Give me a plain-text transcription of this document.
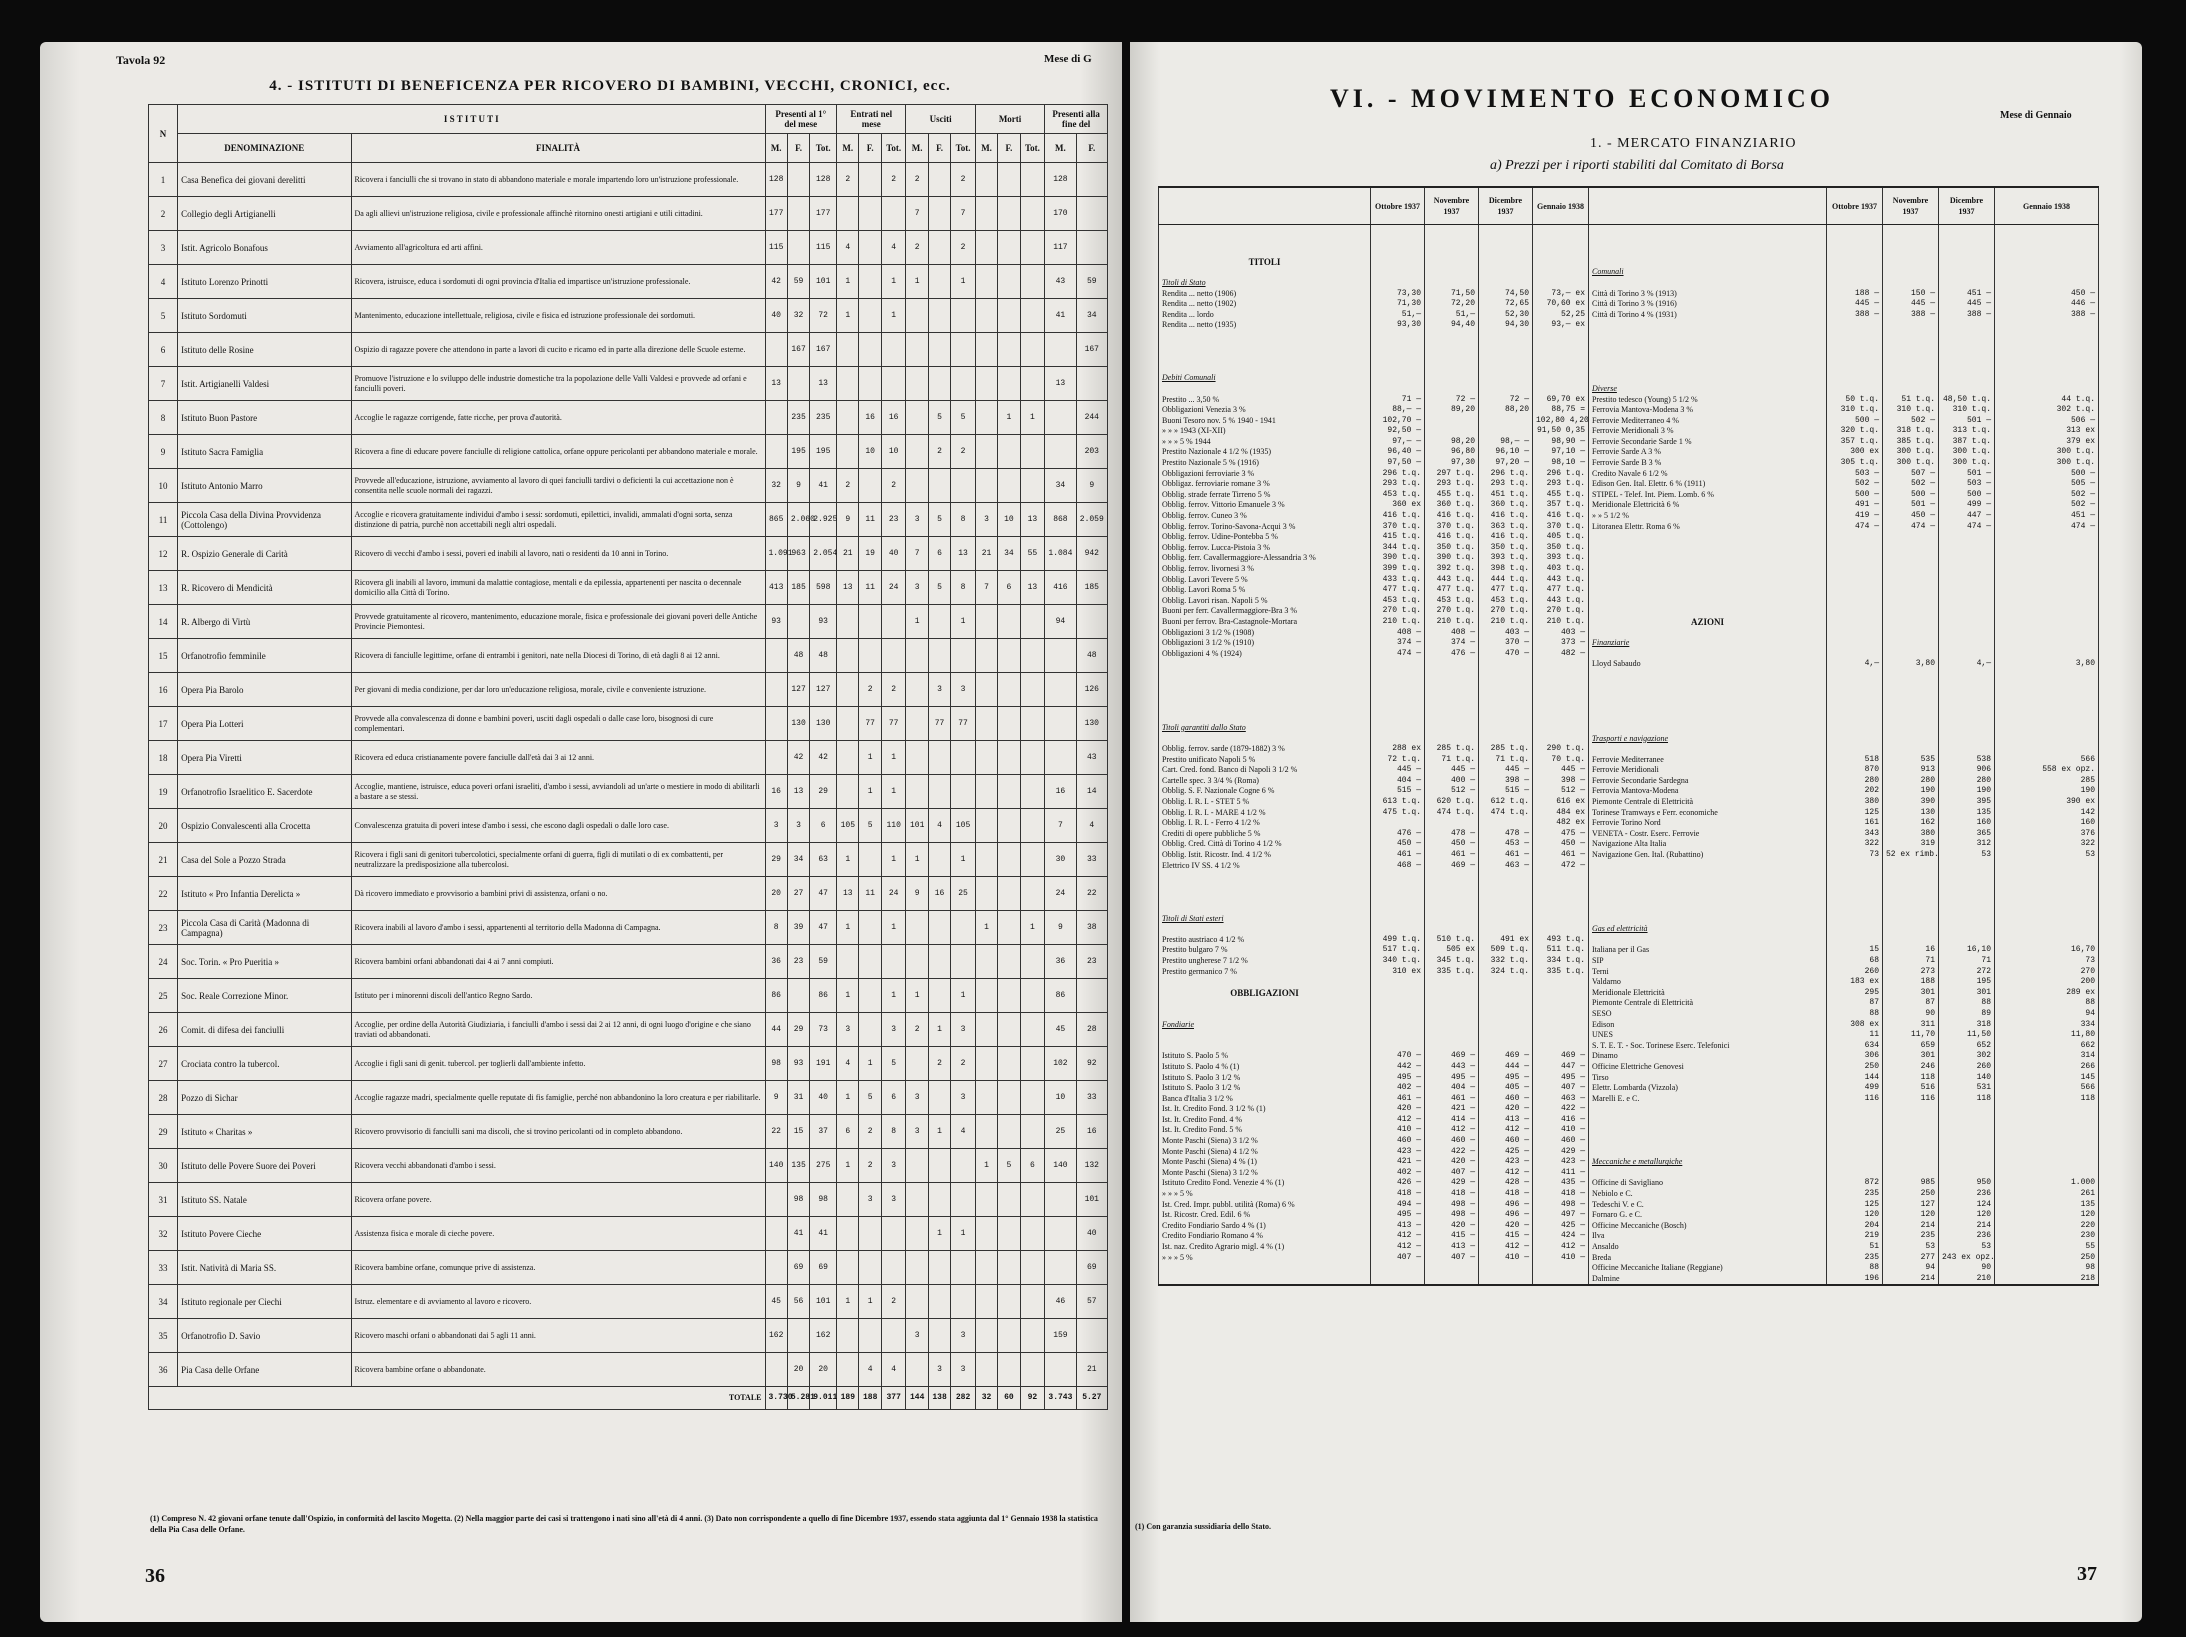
Tavola 92	Mese di G
4. - ISTITUTI DI BENEFICENZA PER RICOVERO DI BAMBINI, VECCHI, CRONICI, ecc.
N	I S T I T U T I		Presenti al 1° del mese			Entrati nel mese			Usciti			Morti			Presenti alla fine del	
	DENOMINAZIONE	FINALITÀ	M.	F.	Tot.	M.	F.	Tot.	M.	F.	Tot.	M.	F.	Tot.	M.	F.
1	Casa Benefica dei giovani derelitti	Ricovera i fanciulli che si trovano in stato di abbandono materiale e morale impartendo loro un'istruzione professionale.	128		128	2		2	2		2				128	
2	Collegio degli Artigianelli	Da agli allievi un'istruzione religiosa, civile e professionale affinchè ritornino onesti artigiani e utili cittadini.	177		177				7		7				170	
3	Istit. Agricolo Bonafous	Avviamento all'agricoltura ed arti affini.	115		115	4		4	2		2				117	
4	Istituto Lorenzo Prinotti	Ricovera, istruisce, educa i sordomuti di ogni provincia d'Italia ed impartisce un'istruzione professionale.	42	59	101	1		1	1		1				43	59
5	Istituto Sordomuti	Mantenimento, educazione intellettuale, religiosa, civile e fisica ed istruzione professionale dei sordomuti.	40	32	72	1		1							41	34
6	Istituto delle Rosine	Ospizio di ragazze povere che attendono in parte a lavori di cucito e ricamo ed in parte alla direzione delle Scuole esterne.		167	167											167
7	Istit. Artigianelli Valdesi	Promuove l'istruzione e lo sviluppo delle industrie domestiche tra la popolazione delle Valli Valdesi e provvede ad orfani e fanciulli poveri.	13		13										13	
8	Istituto Buon Pastore	Accoglie le ragazze corrigende, fatte ricche, per prova d'autorità.		235	235		16	16		5	5		1	1		244
9	Istituto Sacra Famiglia	Ricovera a fine di educare povere fanciulle di religione cattolica, orfane oppure pericolanti per abbandono materiale e morale.		195	195		10	10		2	2					203
10	Istituto Antonio Marro	Provvede all'educazione, istruzione, avviamento al lavoro di quei fanciulli tardivi o deficienti la cui accettazione non è consentita nelle scuole normali dei ragazzi.	32	9	41	2		2							34	9
11	Piccola Casa della Divina Provvidenza (Cottolengo)	Accoglie e ricovera gratuitamente individui d'ambo i sessi: sordomuti, epilettici, invalidi, ammalati d'ogni sorta, senza distinzione di patria, purchè non accettabili negli altri ospedali.	865	2.060	2.925	9	11	23	3	5	8	3	10	13	868	2.059
12	R. Ospizio Generale di Carità	Ricovero di vecchi d'ambo i sessi, poveri ed inabili al lavoro, nati o residenti da 10 anni in Torino.	1.091	963	2.054	21	19	40	7	6	13	21	34	55	1.084	942
13	R. Ricovero di Mendicità	Ricovera gli inabili al lavoro, immuni da malattie contagiose, mentali e da epilessia, appartenenti per nascita o decennale domicilio alla Città di Torino.	413	185	598	13	11	24	3	5	8	7	6	13	416	185
14	R. Albergo di Virtù	Provvede gratuitamente al ricovero, mantenimento, educazione morale, fisica e professionale dei giovani poveri delle Antiche Provincie Piemontesi.	93		93				1		1				94	
15	Orfanotrofio femminile	Ricovera di fanciulle legittime, orfane di entrambi i genitori, nate nella Diocesi di Torino, di età dagli 8 ai 12 anni.		48	48											48
16	Opera Pia Barolo	Per giovani di media condizione, per dar loro un'educazione religiosa, morale, civile e conveniente istruzione.		127	127		2	2		3	3					126
17	Opera Pia Lotteri	Provvede alla convalescenza di donne e bambini poveri, usciti dagli ospedali o dalle case loro, bisognosi di cure complementari.		130	130		77	77		77	77					130
18	Opera Pia Viretti	Ricovera ed educa cristianamente povere fanciulle dall'età dai 3 ai 12 anni.		42	42		1	1								43
19	Orfanotrofio Israelitico E. Sacerdote	Accoglie, mantiene, istruisce, educa poveri orfani israeliti, d'ambo i sessi, avviandoli ad un'arte o mestiere in modo di abilitarli a bastare a se stessi.	16	13	29		1	1							16	14
20	Ospizio Convalescenti alla Crocetta	Convalescenza gratuita di poveri intese d'ambo i sessi, che escono dagli ospedali o dalle loro case.	3	3	6	105	5	110	101	4	105				7	4
21	Casa del Sole a Pozzo Strada	Ricovera i figli sani di genitori tubercolotici, specialmente orfani di guerra, figli di mutilati o di ex combattenti, per neutralizzare la predisposizione alla tubercolosi.	29	34	63	1		1	1		1				30	33
22	Istituto « Pro Infantia Derelicta »	Dà ricovero immediato e provvisorio a bambini privi di assistenza, orfani o no.	20	27	47	13	11	24	9	16	25				24	22
23	Piccola Casa di Carità (Madonna di Campagna)	Ricovera inabili al lavoro d'ambo i sessi, appartenenti al territorio della Madonna di Campagna.	8	39	47	1		1				1		1	9	38
24	Soc. Torin. « Pro Pueritia »	Ricovera bambini orfani abbandonati dai 4 ai 7 anni compiuti.	36	23	59										36	23
25	Soc. Reale Correzione Minor.	Istituto per i minorenni discoli dell'antico Regno Sardo.	86		86	1		1	1		1				86	
26	Comit. di difesa dei fanciulli	Accoglie, per ordine della Autorità Giudiziaria, i fanciulli d'ambo i sessi dai 2 ai 12 anni, di ogni luogo d'origine e che siano traviati od abbandonati.	44	29	73	3		3	2	1	3				45	28
27	Crociata contro la tubercol.	Accoglie i figli sani di genit. tubercol. per toglierli dall'ambiente infetto.	98	93	191	4	1	5		2	2				102	92
28	Pozzo di Sichar	Accoglie ragazze madri, specialmente quelle reputate di fis famiglie, perché non abbandonino la loro creatura e per riabilitarle.	9	31	40	1	5	6	3		3				10	33
29	Istituto « Charitas »	Ricovero provvisorio di fanciulli sani ma discoli, che si trovino pericolanti od in completo abbandono.	22	15	37	6	2	8	3	1	4				25	16
30	Istituto delle Povere Suore dei Poveri	Ricovera vecchi abbandonati d'ambo i sessi.	140	135	275	1	2	3				1	5	6	140	132
31	Istituto SS. Natale	Ricovera orfane povere.		98	98		3	3								101
32	Istituto Povere Cieche	Assistenza fisica e morale di cieche povere.		41	41					1	1					40
33	Istit. Natività di Maria SS.	Ricovera bambine orfane, comunque prive di assistenza.		69	69											69
34	Istituto regionale per Ciechi	Istruz. elementare e di avviamento al lavoro e ricovero.	45	56	101	1	1	2							46	57
35	Orfanotrofio D. Savio	Ricovero maschi orfani o abbandonati dai 5 agli 11 anni.	162		162				3		3				159	
36	Pia Casa delle Orfane	Ricovera bambine orfane o abbandonate.		20	20		4	4		3	3					21
TOTALE			3.730	5.281	9.011	189	188	377	144	138	282	32	60	92	3.743	5.27
(1) Compreso N. 42 giovani orfane tenute dall'Ospizio, in conformità del lascito Mogetta. (2) Nella maggior parte dei casi si trattengono i nati sino all'età di 4 anni. (3) Dato non corrispondente a quello di fine Dicembre 1937, essendo stata aggiunta dal 1° Gennaio 1938 la statistica della Pia Casa delle Orfane.
36
VI. - MOVIMENTO ECONOMICO
Mese di Gennaio
1. - MERCATO FINANZIARIO
a) Prezzi per i riporti stabiliti dal Comitato di Borsa
	Ottobre 1937	Novembre 1937	Dicembre 1937	Gennaio 1938		Ottobre 1937	Novembre 1937	Dicembre 1937	Gennaio 1938

TITOLI									
					Comunali				
Titoli di Stato									
Rendita ... netto (1906)	73,30	71,50	74,50	73,— ex	Città di Torino 3 % (1913)	188 —	150 —	451 —	450 —
Rendita ... netto (1902)	71,30	72,20	72,65	70,60 ex	Città di Torino 3 % (1916)	445 —	445 —	445 —	446 —
Rendita ... lordo	51,—	51,—	52,30	52,25	Città di Torino 4 % (1931)	388 —	388 —	388 —	388 —
Rendita ... netto (1935)	93,30	94,40	94,30	93,— ex					

Debiti Comunali									
					Diverse				
Prestito ... 3,50 %	71 —	72 —	72 —	69,70 ex	Prestito tedesco (Young) 5 1/2 %	50 t.q.	51 t.q.	48,50 t.q.	44 t.q.
Obbligazioni Venezia 3 %	88,— —	89,20	88,20	88,75 =	Ferrovia Mantova-Modena 3 %	310 t.q.	310 t.q.	310 t.q.	302 t.q.
Buoni Tesoro nov. 5 % 1940 - 1941	102,70 —			102,80 4,20	Ferrovie Mediterraneo 4 %	500 —	502 —	501 —	506 —
» » » 1943 (XI-XII)	92,50 —			91,50 0,35	Ferrovie Meridionali 3 %	320 t.q.	318 t.q.	313 t.q.	313 ex
» » » 5 % 1944	97,— —	98,20	98,— —	98,90 —	Ferrovie Secondarie Sarde 1 %	357 t.q.	385 t.q.	387 t.q.	379 ex
Prestito Nazionale 4 1/2 % (1935)	96,40 —	96,80	96,10 —	97,10 —	Ferrovie Sarde A 3 %	300 ex	300 t.q.	300 t.q.	300 t.q.
Prestito Nazionale 5 % (1916)	97,50 —	97,30	97,20 —	98,10 —	Ferrovie Sarde B 3 %	305 t.q.	300 t.q.	300 t.q.	300 t.q.
Obbligazioni ferroviarie 3 %	296 t.q.	297 t.q.	296 t.q.	296 t.q.	Credito Navale 6 1/2 %	503 —	507 —	501 —	500 —
Obbligaz. ferroviarie romane 3 %	293 t.q.	293 t.q.	293 t.q.	293 t.q.	Edison Gen. Ital. Elettr. 6 % (1911)	502 —	502 —	503 —	505 —
Obblig. strade ferrate Tirreno 5 %	453 t.q.	455 t.q.	451 t.q.	455 t.q.	STIPEL - Telef. Int. Piem. Lomb. 6 %	500 —	500 —	500 —	502 —
Obblig. ferrov. Vittorio Emanuele 3 %	360 ex	360 t.q.	360 t.q.	357 t.q.	Meridionale Elettricità 6 %	491 —	501 —	499 —	502 —
Obblig. ferrov. Cuneo 3 %	416 t.q.	416 t.q.	416 t.q.	416 t.q.	» » 5 1/2 %	419 —	450 —	447 —	451 —
Obblig. ferrov. Torino-Savona-Acqui 3 %	370 t.q.	370 t.q.	363 t.q.	370 t.q.	Litoranea Elettr. Roma 6 %	474 —	474 —	474 —	474 —
Obblig. ferrov. Udine-Pontebba 5 %	415 t.q.	416 t.q.	416 t.q.	405 t.q.					
Obblig. ferrov. Lucca-Pistoia 3 %	344 t.q.	350 t.q.	350 t.q.	350 t.q.					
Obblig. ferr. Cavallermaggiore-Alessandria 3 %	390 t.q.	390 t.q.	393 t.q.	393 t.q.					
Obblig. ferrov. livornesi 3 %	399 t.q.	392 t.q.	398 t.q.	403 t.q.					
Obblig. Lavori Tevere 5 %	433 t.q.	443 t.q.	444 t.q.	443 t.q.					
Obblig. Lavori Roma 5 %	477 t.q.	477 t.q.	477 t.q.	477 t.q.					
Obblig. Lavori risan. Napoli 5 %	453 t.q.	453 t.q.	453 t.q.	443 t.q.					
Buoni per ferr. Cavallermaggiore-Bra 3 %	270 t.q.	270 t.q.	270 t.q.	270 t.q.					
Buoni per ferrov. Bra-Castagnole-Mortara	210 t.q.	210 t.q.	210 t.q.	210 t.q.	AZIONI				
Obbligazioni 3 1/2 % (1908)	408 —	408 —	403 —	403 —					
Obbligazioni 3 1/2 % (1910)	374 —	374 —	370 —	373 —	Finanziarie				
Obbligazioni 4 % (1924)	474 —	476 —	470 —	482 —					
					Lloyd Sabaudo	4,—	3,80	4,—	3,80

Titoli garantiti dallo Stato									
					Trasporti e navigazione				
Obblig. ferrov. sarde (1879-1882) 3 %	288 ex	285 t.q.	285 t.q.	290 t.q.					
Prestito unificato Napoli 5 %	72 t.q.	71 t.q.	71 t.q.	70 t.q.	Ferrovie Mediterranee	518	535	538	566
Cart. Cred. fond. Banco di Napoli 3 1/2 %	445 —	445 —	445 —	445 —	Ferrovie Meridionali	870	913	906	558 ex opz.
Cartelle spec. 3 3/4 % (Roma)	404 —	400 —	398 —	398 —	Ferrovie Secondarie Sardegna	280	280	280	285
Obblig. S. F. Nazionale Cogne 6 %	515 —	512 —	515 —	512 —	Ferrovia Mantova-Modena	202	190	190	190
Obblig. I. R. I. - STET 5 %	613 t.q.	620 t.q.	612 t.q.	616 ex	Piemonte Centrale di Elettricità	380	390	395	390 ex
Obblig. I. R. I. - MARE 4 1/2 %	475 t.q.	474 t.q.	474 t.q.	484 ex	Torinese Tramways e Ferr. economiche	125	130	135	142
Obblig. I. R. I. - Ferro 4 1/2 %				482 ex	Ferrovie Torino Nord	161	162	160	160
Crediti di opere pubbliche 5 %	476 —	478 —	478 —	475 —	VENETA - Costr. Eserc. Ferrovie	343	380	365	376
Obblig. Cred. Città di Torino 4 1/2 %	450 —	450 —	453 —	450 —	Navigazione Alta Italia	322	319	312	322
Obblig. Istit. Ricostr. Ind. 4 1/2 %	461 —	461 —	461 —	461 —	Navigazione Gen. Ital. (Rubattino)	73	52 ex rimb.	53	53
Elettrico IV SS. 4 1/2 %	468 —	469 —	463 —	472 —					

Titoli di Stati esteri									
					Gas ed elettricità				
Prestito austriaco 4 1/2 %	499 t.q.	510 t.q.	491 ex	493 t.q.					
Prestito bulgaro 7 %	517 t.q.	505 ex	509 t.q.	511 t.q.	Italiana per il Gas	15	16	16,10	16,70
Prestito ungherese 7 1/2 %	340 t.q.	345 t.q.	332 t.q.	334 t.q.	SIP	68	71	71	73
Prestito germanico 7 %	310 ex	335 t.q.	324 t.q.	335 t.q.	Terni	260	273	272	270
					Valdarno	183 ex	188	195	200
OBBLIGAZIONI					Meridionale Elettricità	295	301	301	289 ex
					Piemonte Centrale di Elettricità	87	87	88	88
					SESO	88	90	89	94
Fondiarie					Edison	308 ex	311	318	334
					UNES	11	11,70	11,50	11,80
					S. T. E. T. - Soc. Torinese Eserc. Telefonici	634	659	652	662
Istituto S. Paolo 5 %	470 —	469 —	469 —	469 —	Dinamo	306	301	302	314
Istituto S. Paolo 4 % (1)	442 —	443 —	444 —	447 —	Officine Elettriche Genovesi	250	246	260	266
Istituto S. Paolo 3 1/2 %	495 —	495 —	495 —	495 —	Tirso	144	118	140	145
Istituto S. Paolo 3 1/2 %	402 —	404 —	405 —	407 —	Elettr. Lombarda (Vizzola)	499	516	531	566
Banca d'Italia 3 1/2 %	461 —	461 —	460 —	463 —	Marelli E. e C.	116	116	118	118
Ist. It. Credito Fond. 3 1/2 % (1)	420 —	421 —	420 —	422 —					
Ist. It. Credito Fond. 4 %	412 —	414 —	413 —	416 —					
Ist. It. Credito Fond. 5 %	410 —	412 —	412 —	410 —					
Monte Paschi (Siena) 3 1/2 %	460 —	460 —	460 —	460 —					
Monte Paschi (Siena) 4 1/2 %	423 —	422 —	425 —	429 —					
Monte Paschi (Siena) 4 % (1)	421 —	420 —	423 —	423 —	Meccaniche e metallurgiche				
Monte Paschi (Siena) 3 1/2 %	402 —	407 —	412 —	411 —					
Istituto Credito Fond. Venezie 4 % (1)	426 —	429 —	428 —	435 —	Officine di Savigliano	872	985	950	1.000
» » » 5 %	418 —	418 —	418 —	418 —	Nebiolo e C.	235	250	236	261
Ist. Cred. Impr. pubbl. utilità (Roma) 6 %	494 —	498 —	496 —	498 —	Tedeschi V. e C.	125	127	124	135
Ist. Ricostr. Cred. Edil. 6 %	495 —	498 —	496 —	497 —	Fornaro G. e C.	120	120	120	120
Credito Fondiario Sardo 4 % (1)	413 —	420 —	420 —	425 —	Officine Meccaniche (Bosch)	204	214	214	220
Credito Fondiario Romano 4 %	412 —	415 —	415 —	424 —	Ilva	219	235	236	230
Ist. naz. Credito Agrario migl. 4 % (1)	412 —	413 —	412 —	412 —	Ansaldo	51	53	53	55
» » » 5 %	407 —	407 —	410 —	410 —	Breda	235	277	243 ex opz.	250
					Officine Meccaniche Italiane (Reggiane)	88	94	90	98
					Dalmine	196	214	210	218
(1) Con garanzia sussidiaria dello Stato.
37
